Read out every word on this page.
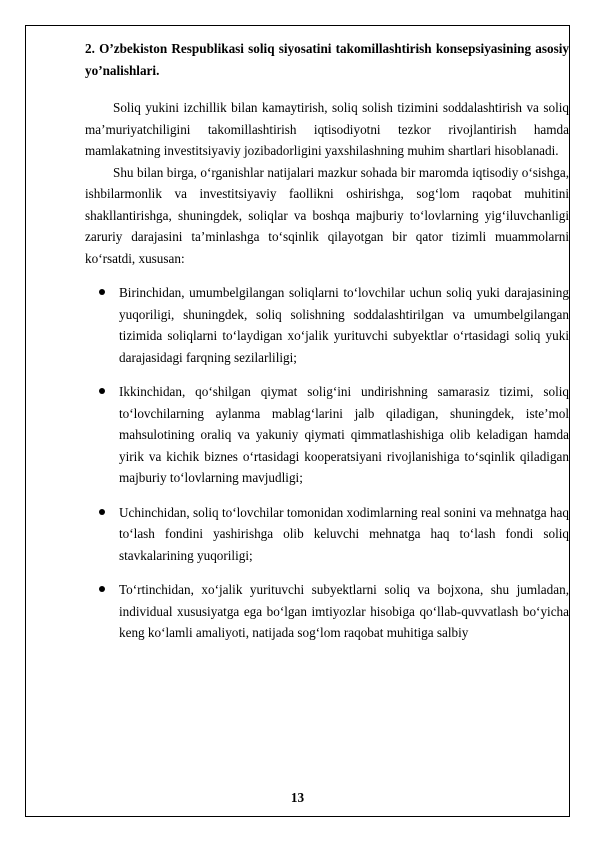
2. O’zbekiston Respublikasi soliq siyosatini takomillashtirish konsepsiyasining asosiy yo’nalishlari.

Soliq yukini izchillik bilan kamaytirish, soliq solish tizimini soddalashtirish va soliq ma’muriyatchiligini takomillashtirish iqtisodiyotni tezkor rivojlantirish hamda mamlakatning investitsiyaviy jozibadorligini yaxshilashning muhim shartlari hisoblanadi.

Shu bilan birga, o‘rganishlar natijalari mazkur sohada bir maromda iqtisodiy o‘sishga, ishbilarmonlik va investitsiyaviy faollikni oshirishga, sog‘lom raqobat muhitini shakllantirishga, shuningdek, soliqlar va boshqa majburiy to‘lovlarning yig‘iluvchanligi zaruriy darajasini ta’minlashga to‘sqinlik qilayotgan bir qator tizimli muammolarni ko‘rsatdi, xususan:

Birinchidan, umumbelgilangan soliqlarni to‘lovchilar uchun soliq yuki darajasining yuqoriligi, shuningdek, soliq solishning soddalashtirilgan va umumbelgilangan tizimida soliqlarni to‘laydigan xo‘jalik yurituvchi subyektlar o‘rtasidagi soliq yuki darajasidagi farqning sezilarliligi;
Ikkinchidan, qo‘shilgan qiymat solig‘ini undirishning samarasiz tizimi, soliq to‘lovchilarning aylanma mablag‘larini jalb qiladigan, shuningdek, iste’mol mahsulotining oraliq va yakuniy qiymati qimmatlashishiga olib keladigan hamda yirik va kichik biznes o‘rtasidagi kooperatsiyani rivojlanishiga to‘sqinlik qiladigan majburiy to‘lovlarning mavjudligi;
Uchinchidan, soliq to‘lovchilar tomonidan xodimlarning real sonini va mehnatga haq to‘lash fondini yashirishga olib keluvchi mehnatga haq to‘lash fondi soliq stavkalarining yuqoriligi;
To‘rtinchidan, xo‘jalik yurituvchi subyektlarni soliq va bojxona, shu jumladan, individual xususiyatga ega bo‘lgan imtiyozlar hisobiga qo‘llab-quvvatlash bo‘yicha keng ko‘lamli amaliyoti, natijada sog‘lom raqobat muhitiga salbiy
13
